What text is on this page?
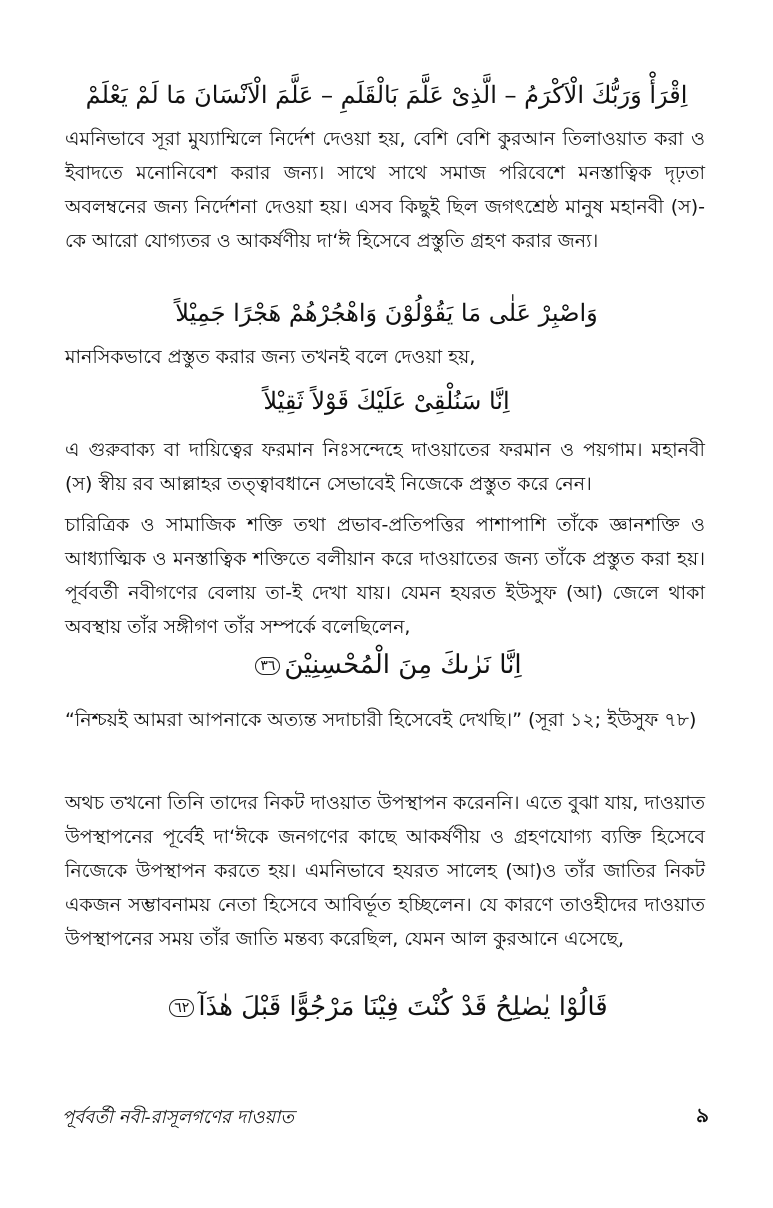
اِقْرَأْ وَرَبُّكَ الْاَكْرَمُ – الَّذِىْ عَلَّمَ بَالْقَلَمِ – عَلَّمَ الْاَنْسَانَ مَا لَمْ يَعْلَمْ
এমনিভাবে সূরা মুয্যাম্মিলে নির্দেশ দেওয়া হয়, বেশি বেশি কুরআন তিলাওয়াত করা ও ইবাদতে মনোনিবেশ করার জন্য। সাথে সাথে সমাজ পরিবেশে মনস্তাত্বিক দৃঢ়তা অবলম্বনের জন্য নির্দেশনা দেওয়া হয়। এসব কিছুই ছিল জগৎশ্রেষ্ঠ মানুষ মহানবী (স)-কে আরো যোগ্যতর ও আকর্ষণীয় দা‘ঈ হিসেবে প্রস্তুতি গ্রহণ করার জন্য।
وَاصْبِرْ عَلٰى مَا يَقُوْلُوْنَ وَاهْجُرْهُمْ هَجْرًا جَمِيْلاً
মানসিকভাবে প্রস্তুত করার জন্য তখনই বলে দেওয়া হয়,
اِنَّا سَنُلْقِىْ عَلَيْكَ قَوْلاً ثَقِيْلاً
এ গুরুবাক্য বা দায়িত্বের ফরমান নিঃসন্দেহে দাওয়াতের ফরমান ও পয়গাম। মহানবী (স) স্বীয় রব আল্লাহর তত্ত্বাবধানে সেভাবেই নিজেকে প্রস্তুত করে নেন।
চারিত্রিক ও সামাজিক শক্তি তথা প্রভাব-প্রতিপত্তির পাশাপাশি তাঁকে জ্ঞানশক্তি ও আধ্যাত্মিক ও মনস্তাত্বিক শক্তিতে বলীয়ান করে দাওয়াতের জন্য তাঁকে প্রস্তুত করা হয়। পূর্ববর্তী নবীগণের বেলায় তা-ই দেখা যায়। যেমন হযরত ইউসুফ (আ) জেলে থাকা অবস্থায় তাঁর সঙ্গীগণ তাঁর সম্পর্কে বলেছিলেন,
اِنَّا نَرٰىكَ مِنَ الْمُحْسِنِيْنَ٣٦
“নিশ্চয়ই আমরা আপনাকে অত্যন্ত সদাচারী হিসেবেই দেখছি।” (সূরা ১২; ইউসুফ ৭৮)
অথচ তখনো তিনি তাদের নিকট দাওয়াত উপস্থাপন করেননি। এতে বুঝা যায়, দাওয়াত উপস্থাপনের পূর্বেই দা‘ঈকে জনগণের কাছে আকর্ষণীয় ও গ্রহণযোগ্য ব্যক্তি হিসেবে নিজেকে উপস্থাপন করতে হয়। এমনিভাবে হযরত সালেহ (আ)ও তাঁর জাতির নিকট একজন সম্ভাবনাময় নেতা হিসেবে আবির্ভূত হচ্ছিলেন। যে কারণে তাওহীদের দাওয়াত উপস্থাপনের সময় তাঁর জাতি মন্তব্য করেছিল, যেমন আল কুরআনে এসেছে,
قَالُوْا يٰصٰلِحُ قَدْ كُنْتَ فِيْنَا مَرْجُوًّا قَبْلَ هٰذَآ٦٢
পূর্ববর্তী নবী-রাসূলগণের দাওয়াত	৯
